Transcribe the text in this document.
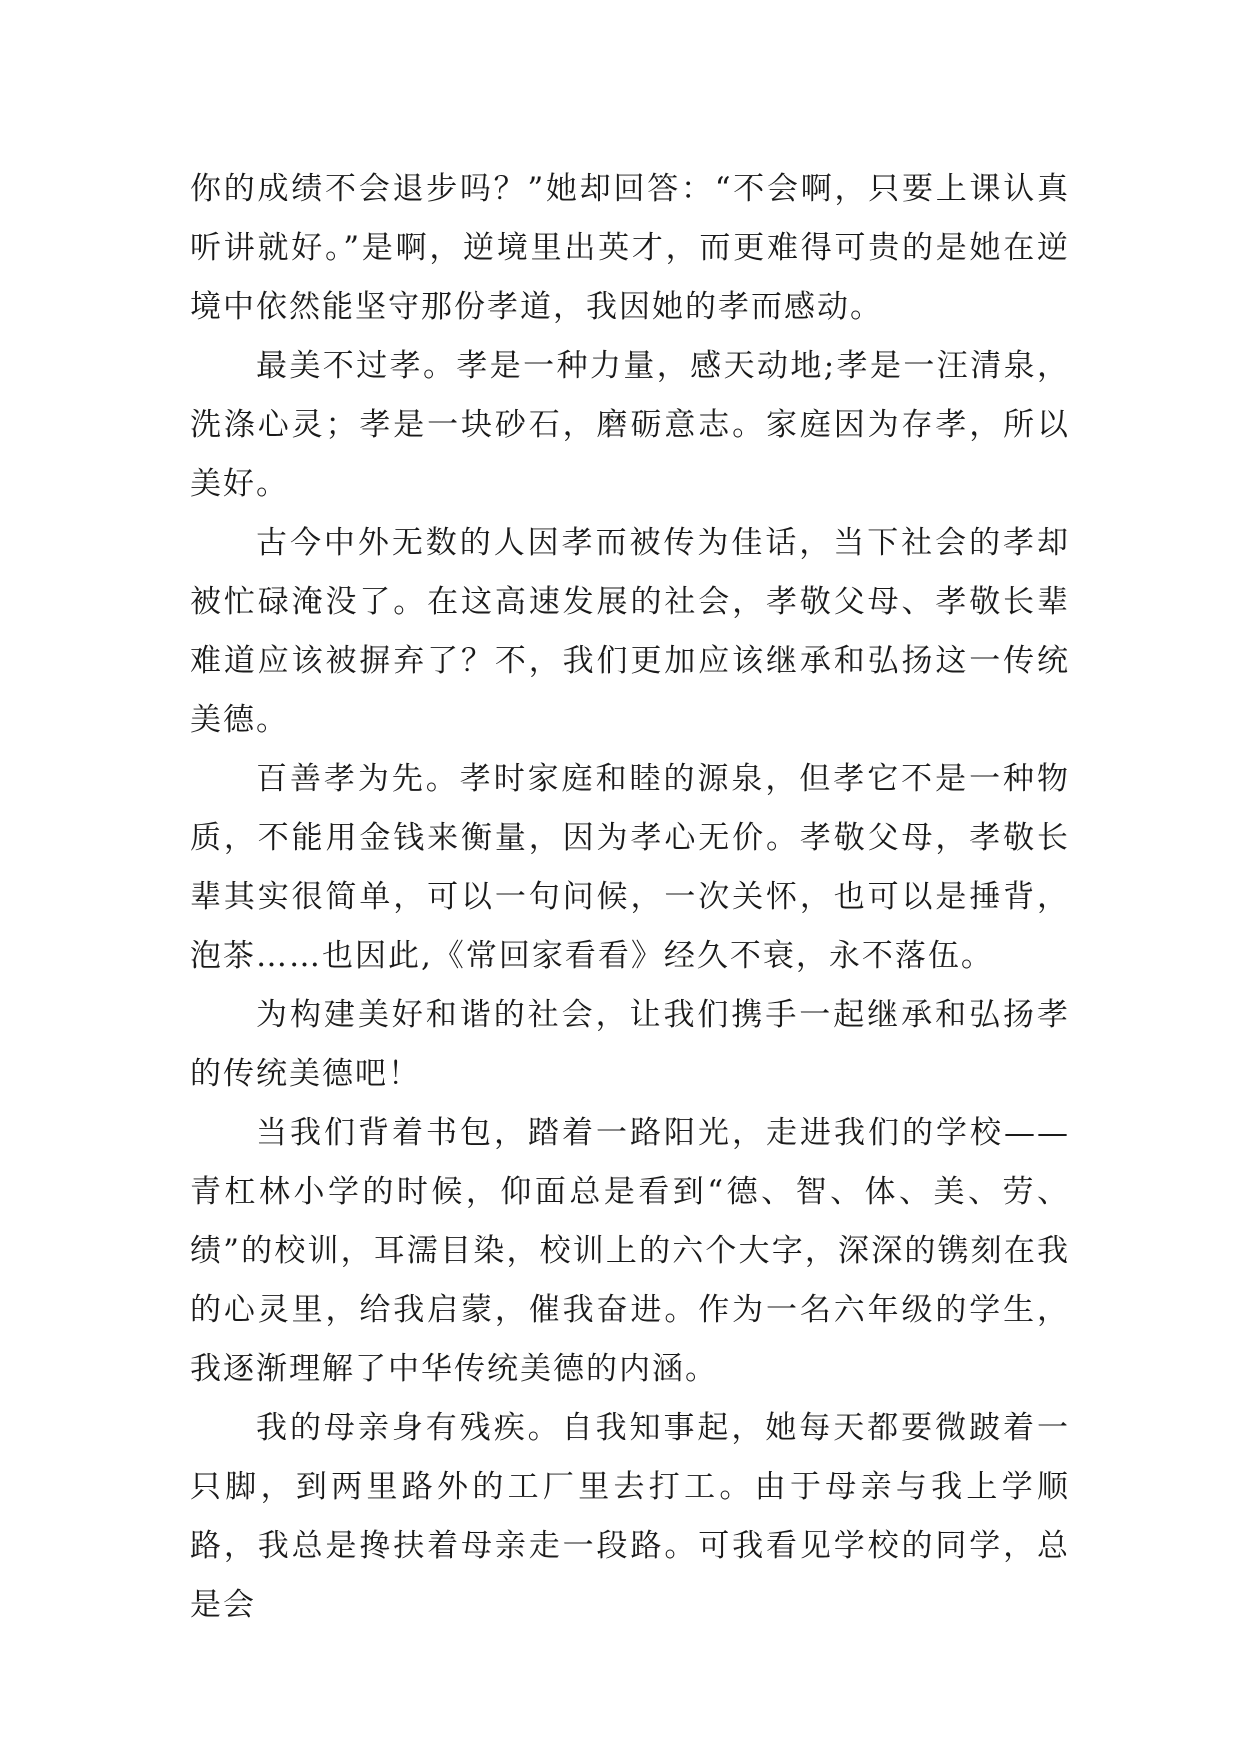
你的成绩不会退步吗？”她却回答：“不会啊，只要上课认真听讲就好。”是啊，逆境里出英才，而更难得可贵的是她在逆境中依然能坚守那份孝道，我因她的孝而感动。

最美不过孝。孝是一种力量，感天动地;孝是一汪清泉，洗涤心灵；孝是一块砂石，磨砺意志。家庭因为存孝，所以美好。

古今中外无数的人因孝而被传为佳话，当下社会的孝却被忙碌淹没了。在这高速发展的社会，孝敬父母、孝敬长辈难道应该被摒弃了？不，我们更加应该继承和弘扬这一传统美德。

百善孝为先。孝时家庭和睦的源泉，但孝它不是一种物质，不能用金钱来衡量，因为孝心无价。孝敬父母，孝敬长辈其实很简单，可以一句问候，一次关怀，也可以是捶背，泡茶……也因此,《常回家看看》经久不衰，永不落伍。

为构建美好和谐的社会，让我们携手一起继承和弘扬孝的传统美德吧！

当我们背着书包，踏着一路阳光，走进我们的学校——青杠林小学的时候，仰面总是看到“德、智、体、美、劳、绩”的校训，耳濡目染，校训上的六个大字，深深的镌刻在我的心灵里，给我启蒙，催我奋进。作为一名六年级的学生，我逐渐理解了中华传统美德的内涵。

我的母亲身有残疾。自我知事起，她每天都要微跛着一只脚，到两里路外的工厂里去打工。由于母亲与我上学顺路，我总是搀扶着母亲走一段路。可我看见学校的同学，总是会
